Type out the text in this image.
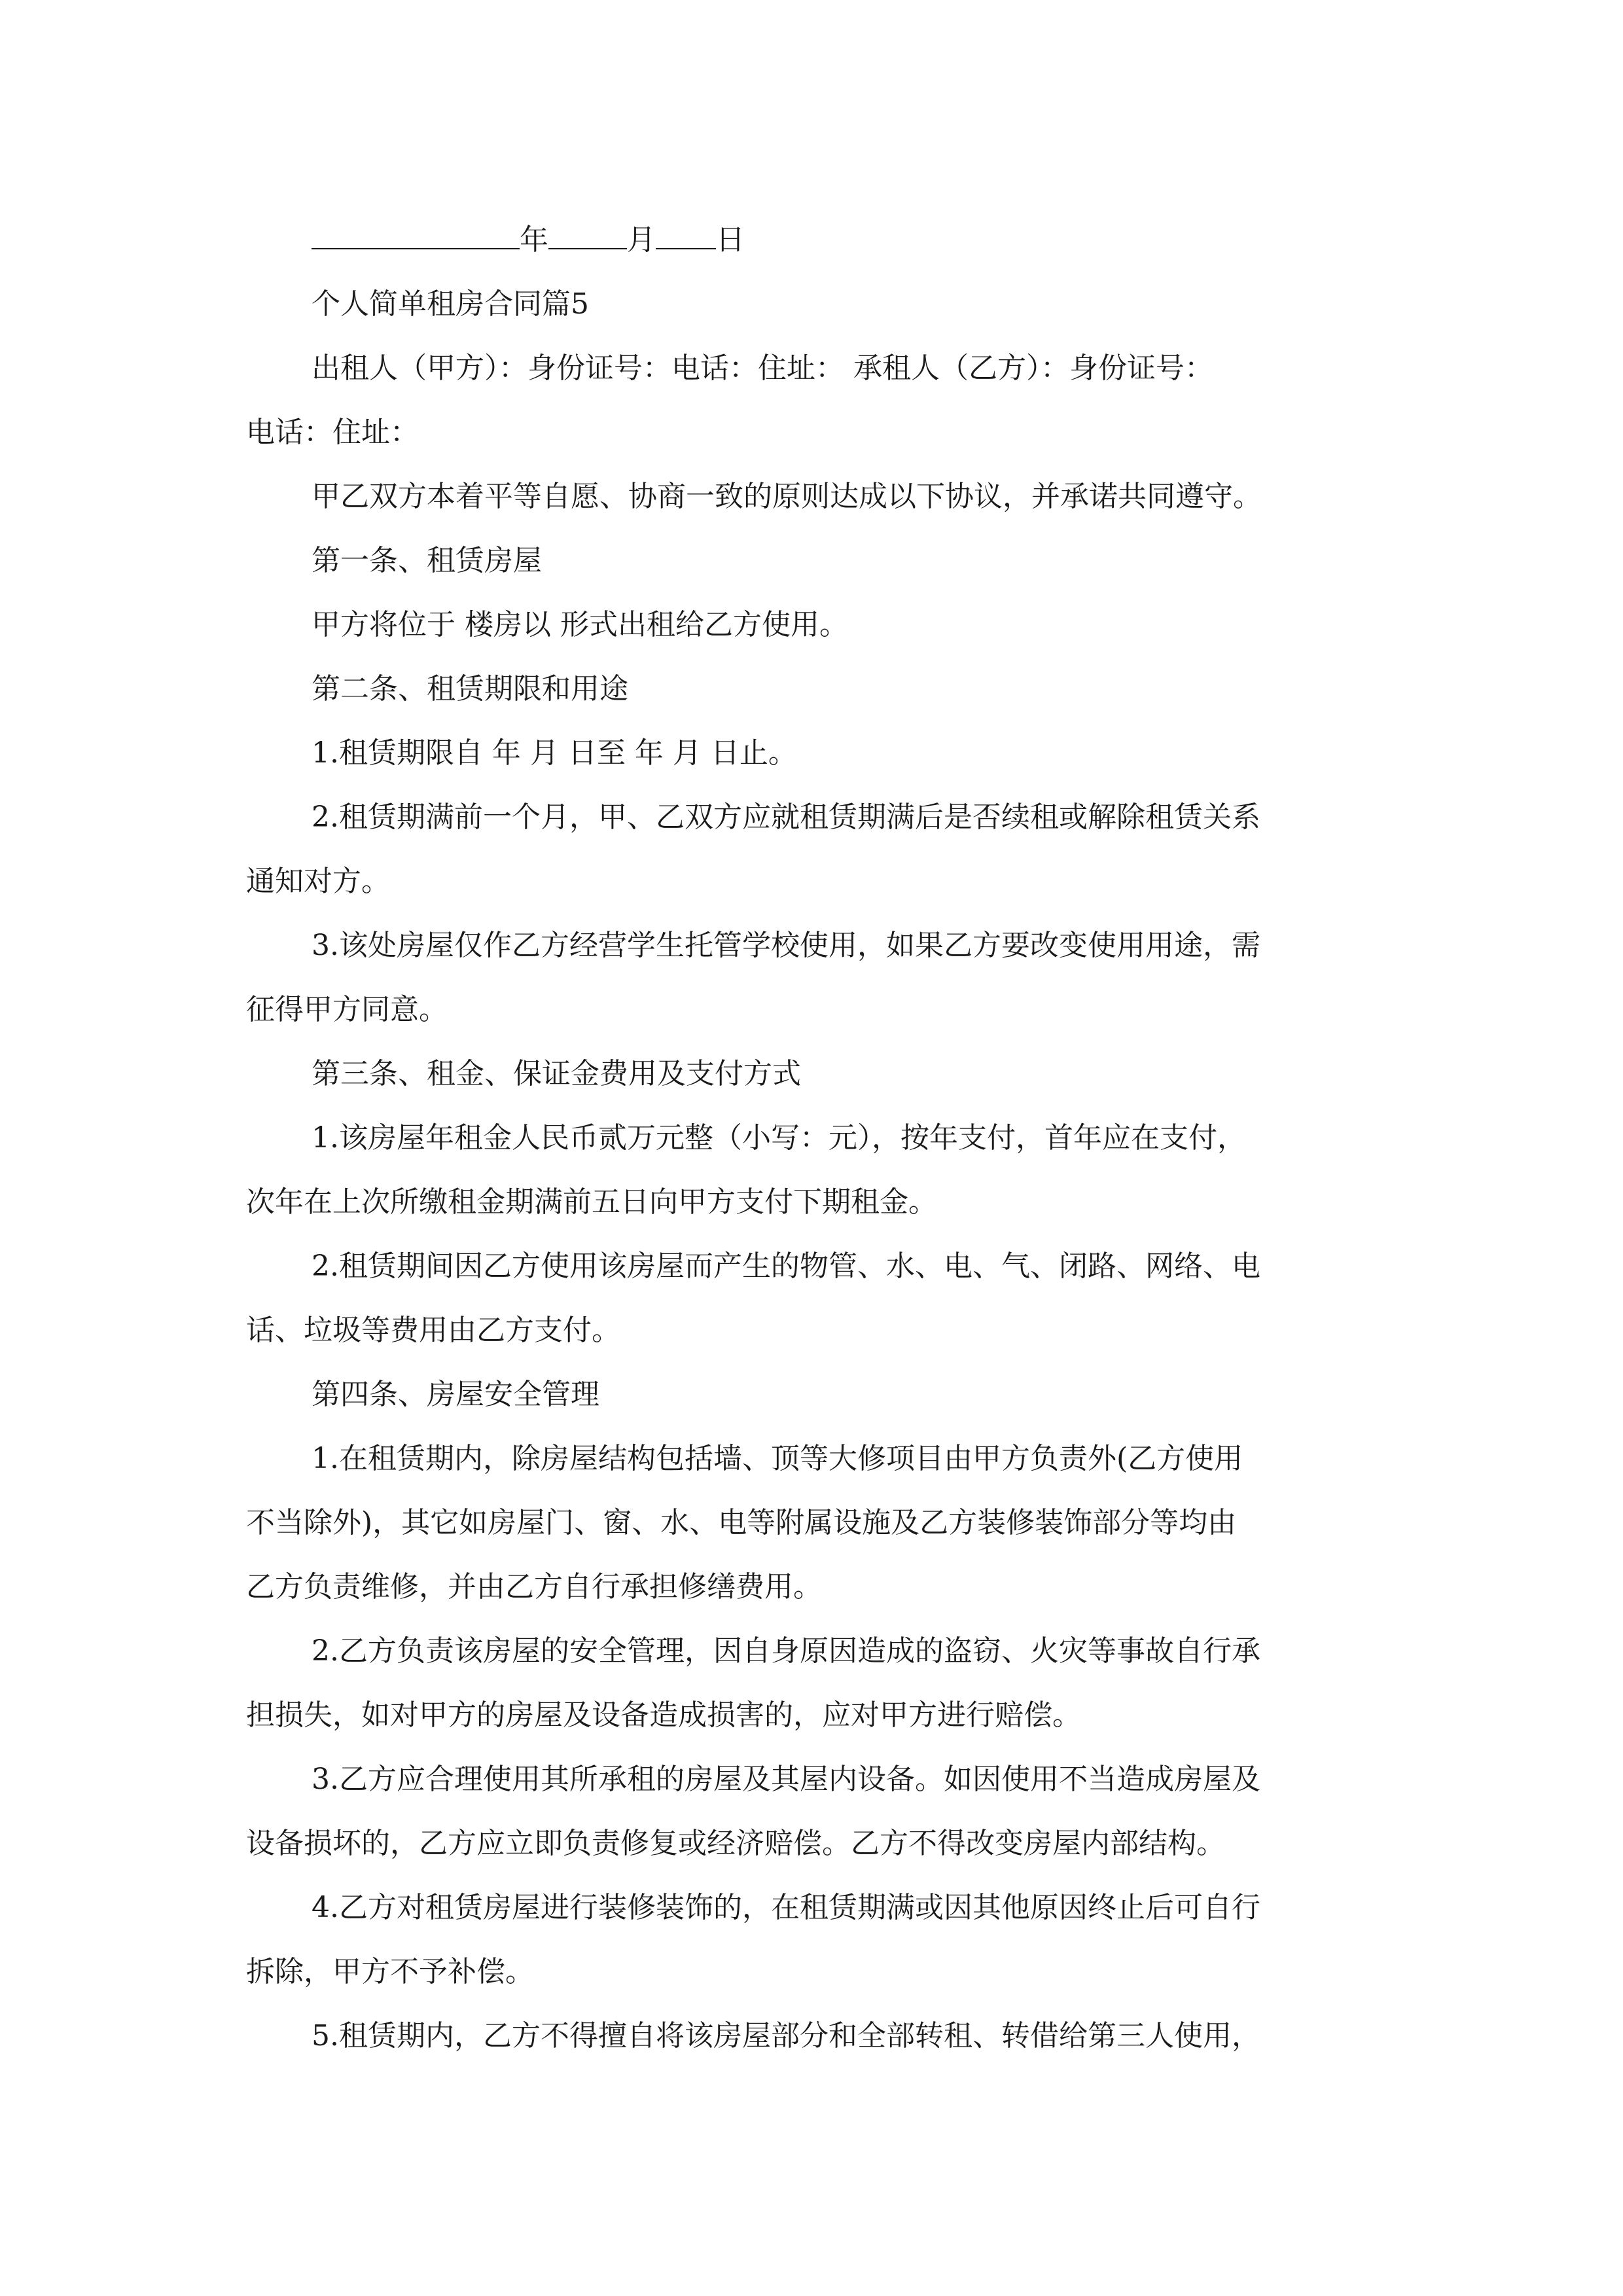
年	月 日
个人简单租房合同篇5
出租人（甲方）：身份证号：电话：住址： 承租人（乙方）：身份证号：
电话：住址：
甲乙双方本着平等自愿、协商一致的原则达成以下协议，并承诺共同遵守。
第一条、租赁房屋
甲方将位于 楼房以 形式出租给乙方使用。
第二条、租赁期限和用途
1.租赁期限自 年 月 日至 年 月 日止。
2.租赁期满前一个月，甲、乙双方应就租赁期满后是否续租或解除租赁关系
通知对方。
3.该处房屋仅作乙方经营学生托管学校使用，如果乙方要改变使用用途，需
征得甲方同意。
第三条、租金、保证金费用及支付方式
1.该房屋年租金人民币贰万元整（小写：元），按年支付，首年应在支付，
次年在上次所缴租金期满前五日向甲方支付下期租金。
2.租赁期间因乙方使用该房屋而产生的物管、水、电、气、闭路、网络、电
话、垃圾等费用由乙方支付。
第四条、房屋安全管理
1.在租赁期内，除房屋结构包括墙、顶等大修项目由甲方负责外(乙方使用
不当除外)，其它如房屋门、窗、水、电等附属设施及乙方装修装饰部分等均由
乙方负责维修，并由乙方自行承担修缮费用。
2.乙方负责该房屋的安全管理，因自身原因造成的盗窃、火灾等事故自行承
担损失，如对甲方的房屋及设备造成损害的，应对甲方进行赔偿。
3.乙方应合理使用其所承租的房屋及其屋内设备。如因使用不当造成房屋及
设备损坏的，乙方应立即负责修复或经济赔偿。乙方不得改变房屋内部结构。
4.乙方对租赁房屋进行装修装饰的，在租赁期满或因其他原因终止后可自行
拆除，甲方不予补偿。
5.租赁期内，乙方不得擅自将该房屋部分和全部转租、转借给第三人使用，
